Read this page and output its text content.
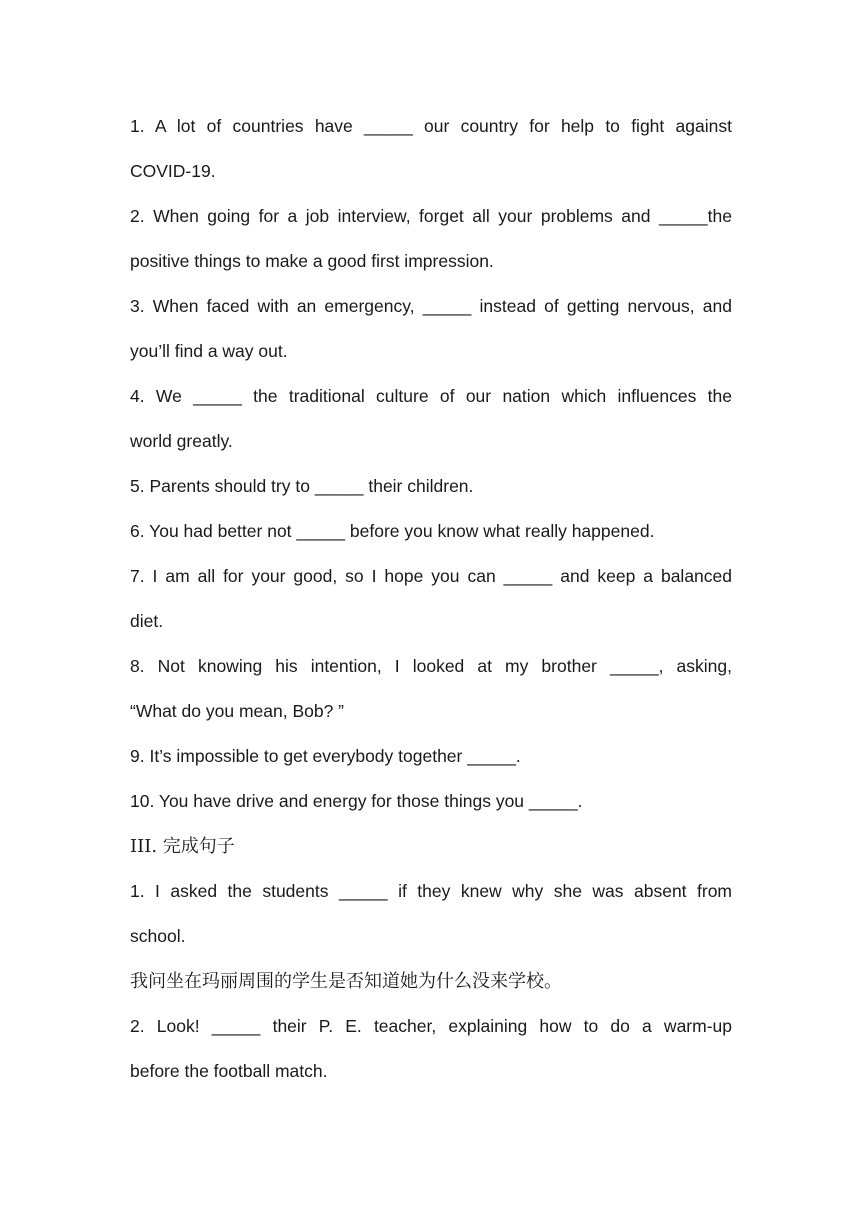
1. A lot of countries have _____ our country for help to fight against
COVID-19.
2. When going for a job interview, forget all your problems and _____the
positive things to make a good first impression.
3. When faced with an emergency, _____ instead of getting nervous, and
you’ll find a way out.
4. We _____ the traditional culture of our nation which influences the
world greatly.
5. Parents should try to _____ their children.
6. You had better not _____ before you know what really happened.
7. I am all for your good, so I hope you can _____ and keep a balanced
diet.
8. Not knowing his intention, I looked at my brother _____, asking,
“What do you mean, Bob? ”
9. It’s impossible to get everybody together _____.
10. You have drive and energy for those things you _____.
III. 完成句子
1. I asked the students _____ if they knew why she was absent from
school.
我问坐在玛丽周围的学生是否知道她为什么没来学校。
2. Look! _____ their P. E. teacher, explaining how to do a warm-up
before the football match.
